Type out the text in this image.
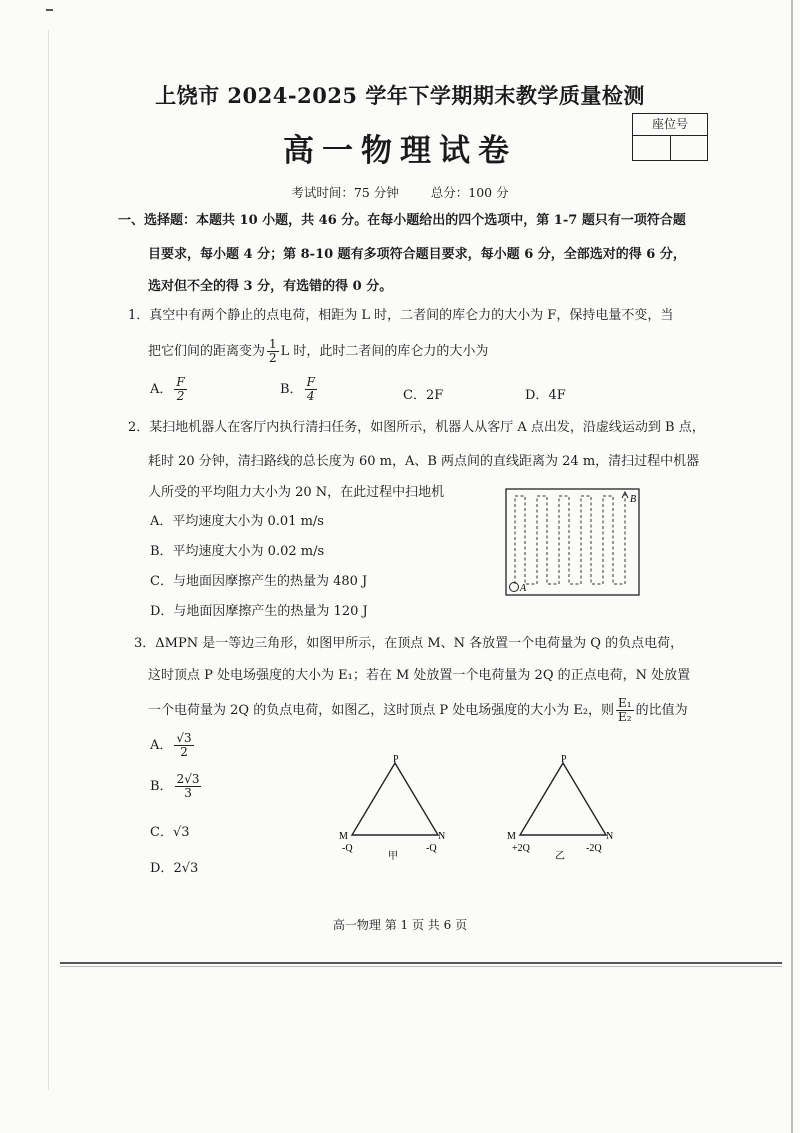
上饶市 2024-2025 学年下学期期末教学质量检测
高一物理试卷
座位号
考试时间：75 分钟	总分：100 分
一、选择题：本题共 10 小题，共 46 分。在每小题给出的四个选项中，第 1-7 题只有一项符合题
目要求，每小题 4 分；第 8-10 题有多项符合题目要求，每小题 6 分，全部选对的得 6 分，
选对但不全的得 3 分，有选错的得 0 分。
1．真空中有两个静止的点电荷，相距为 L 时，二者间的库仑力的大小为 F，保持电量不变，当
把它们间的距离变为 $\frac{1}{2}$ L 时，此时二者间的库仑力的大小为
A． $\frac{F}{2}$	B． $\frac{F}{4}$	C．2F	D．4F
2．某扫地机器人在客厅内执行清扫任务，如图所示，机器人从客厅 A 点出发，沿虚线运动到 B 点，
耗时 20 分钟，清扫路线的总长度为 60 m，A、B 两点间的直线距离为 24 m，清扫过程中机器
人所受的平均阻力大小为 20 N，在此过程中扫地机
A．平均速度大小为 0.01 m/s
B．平均速度大小为 0.02 m/s
C．与地面因摩擦产生的热量为 480 J
D．与地面因摩擦产生的热量为 120 J
A
B
3．ΔMPN 是一等边三角形，如图甲所示，在顶点 M、N 各放置一个电荷量为 Q 的负点电荷，
这时顶点 P 处电场强度的大小为 E₁；若在 M 处放置一个电荷量为 2Q 的正点电荷，N 处放置
一个电荷量为 2Q 的负点电荷，如图乙，这时顶点 P 处电场强度的大小为 E₂，则 $\frac{\text{E₁}}{\text{E₂}}$ 的比值为
A． $\frac{√3}{2}$
B． $\frac{2√3}{3}$
C．√3
D．2√3
P
M	N
-Q	-Q
甲
P
M	N
+2Q	-2Q
乙
高一物理 第 1 页 共 6 页
